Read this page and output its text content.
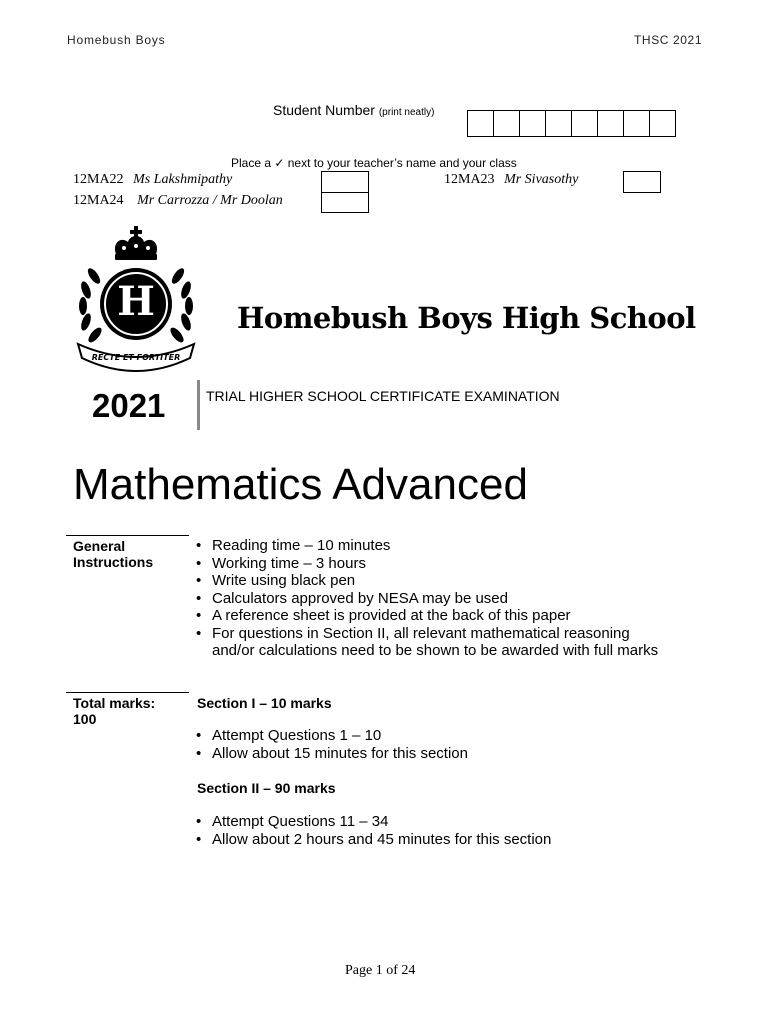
Homebush Boys	THSC 2021
Student Number (print neatly)
Place a ✓ next to your teacher’s name and your class
12MA22 Ms Lakshmipathy	12MA23 Mr Sivasothy
12MA24 Mr Carrozza / Mr Doolan
RECTE ET FORTITER
H	Homebush Boys High School
2021	TRIAL HIGHER SCHOOL CERTIFICATE EXAMINATION
Mathematics Advanced
General Instructions
• Reading time – 10 minutes
• Working time – 3 hours
• Write using black pen
• Calculators approved by NESA may be used
• A reference sheet is provided at the back of this paper
• For questions in Section II, all relevant mathematical reasoning and/or calculations need to be shown to be awarded with full marks
Total marks: 100
Section I – 10 marks
• Attempt Questions 1 – 10
• Allow about 15 minutes for this section
Section II – 90 marks
• Attempt Questions 11 – 34
• Allow about 2 hours and 45 minutes for this section
Page 1 of 24
